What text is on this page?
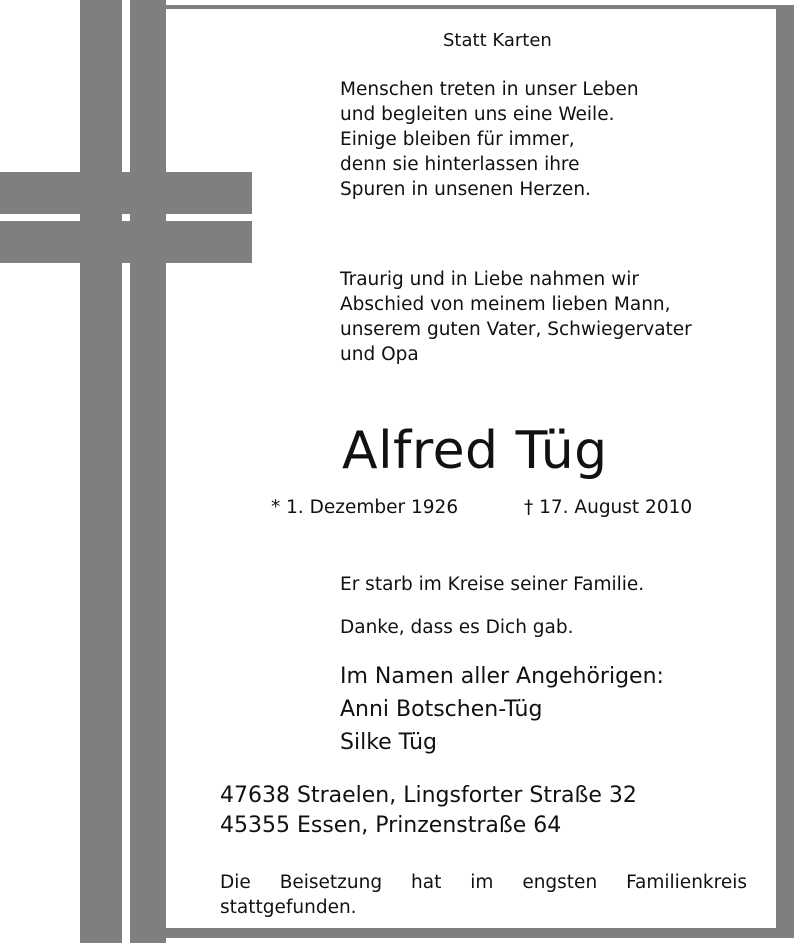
Statt Karten

Menschen treten in unser Leben
und begleiten uns eine Weile.
Einige bleiben für immer,
denn sie hinterlassen ihre
Spuren in unsenen Herzen.
Traurig und in Liebe nahmen wir
Abschied von meinem lieben Mann,
unserem guten Vater, Schwiegervater
und Opa

Alfred Tüg

* 1. Dezember 1926	† 17. August 2010

Er starb im Kreise seiner Familie.

Danke, dass es Dich gab.

Im Namen aller Angehörigen:
Anni Botschen-Tüg
Silke Tüg
47638 Straelen, Lingsforter Straße 32
45355 Essen, Prinzenstraße 64

Die Beisetzung hat im engsten Familienkreis
stattgefunden.
